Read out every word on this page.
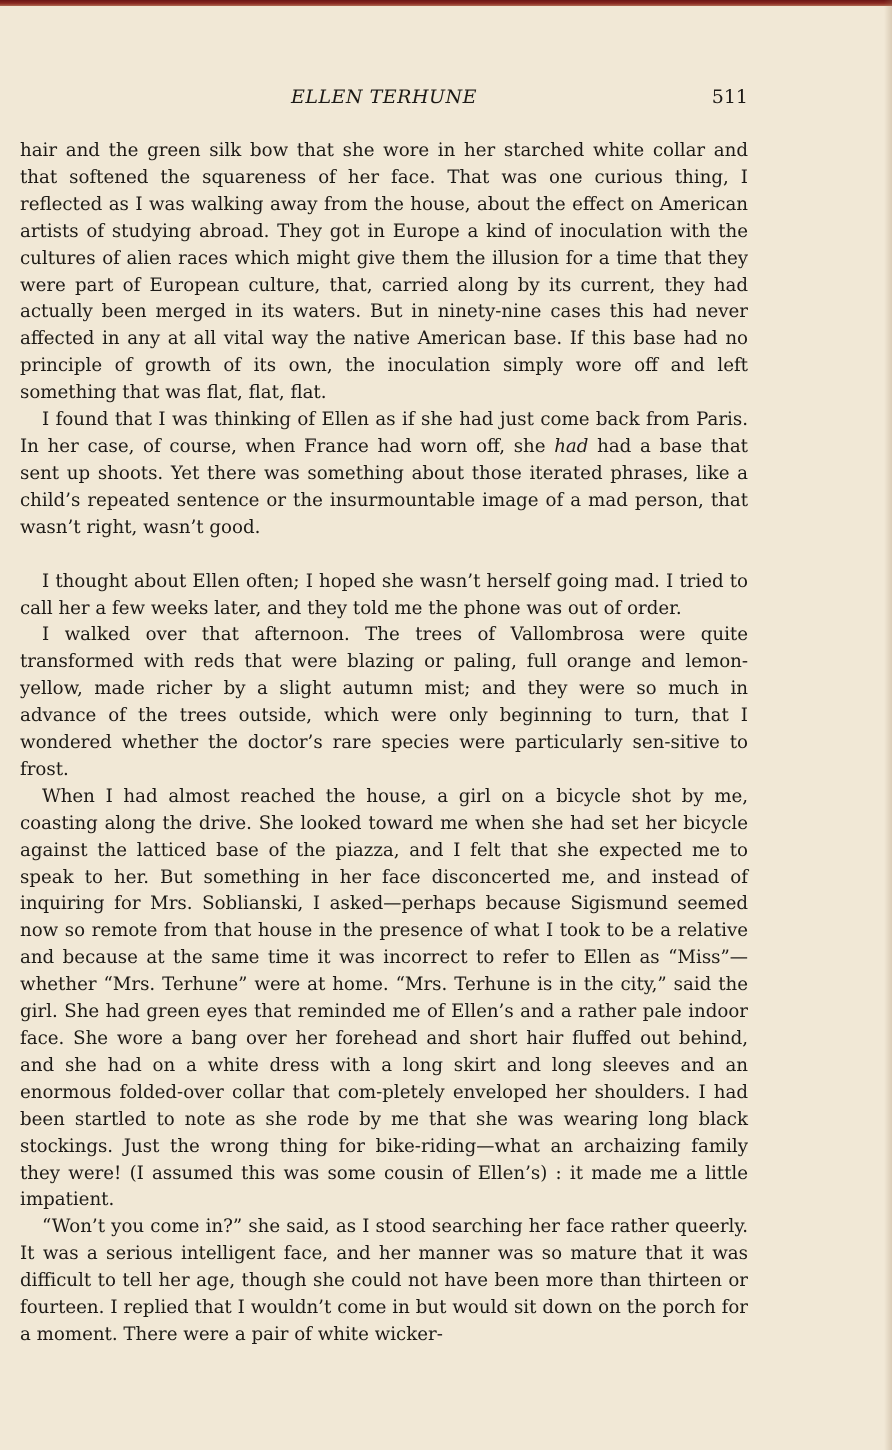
ELLEN TERHUNE	511

hair and the green silk bow that she wore in her starched white collar and that softened the squareness of her face. That was one curious thing, I reflected as I was walking away from the house, about the effect on American artists of studying abroad. They got in Europe a kind of inoculation with the cultures of alien races which might give them the illusion for a time that they were part of European culture, that, carried along by its current, they had actually been merged in its waters. But in ninety-nine cases this had never affected in any at all vital way the native American base. If this base had no principle of growth of its own, the inoculation simply wore off and left something that was flat, flat, flat.

I found that I was thinking of Ellen as if she had just come back from Paris. In her case, of course, when France had worn off, she had had a base that sent up shoots. Yet there was something about those iterated phrases, like a child’s repeated sentence or the insurmountable image of a mad person, that wasn’t right, wasn’t good.

I thought about Ellen often; I hoped she wasn’t herself going mad. I tried to call her a few weeks later, and they told me the phone was out of order.

I walked over that afternoon. The trees of Vallombrosa were quite transformed with reds that were blazing or paling, full orange and lemon-yellow, made richer by a slight autumn mist; and they were so much in advance of the trees outside, which were only beginning to turn, that I wondered whether the doctor’s rare species were particularly sen-sitive to frost.

When I had almost reached the house, a girl on a bicycle shot by me, coasting along the drive. She looked toward me when she had set her bicycle against the latticed base of the piazza, and I felt that she expected me to speak to her. But something in her face disconcerted me, and instead of inquiring for Mrs. Soblianski, I asked—perhaps because Sigismund seemed now so remote from that house in the presence of what I took to be a relative and because at the same time it was incorrect to refer to Ellen as “Miss”—whether “Mrs. Terhune” were at home. “Mrs. Terhune is in the city,” said the girl. She had green eyes that reminded me of Ellen’s and a rather pale indoor face. She wore a bang over her forehead and short hair fluffed out behind, and she had on a white dress with a long skirt and long sleeves and an enormous folded-over collar that com-pletely enveloped her shoulders. I had been startled to note as she rode by me that she was wearing long black stockings. Just the wrong thing for bike-riding—what an archaizing family they were! (I assumed this was some cousin of Ellen’s) : it made me a little impatient.

“Won’t you come in?” she said, as I stood searching her face rather queerly. It was a serious intelligent face, and her manner was so mature that it was difficult to tell her age, though she could not have been more than thirteen or fourteen. I replied that I wouldn’t come in but would sit down on the porch for a moment. There were a pair of white wicker-
